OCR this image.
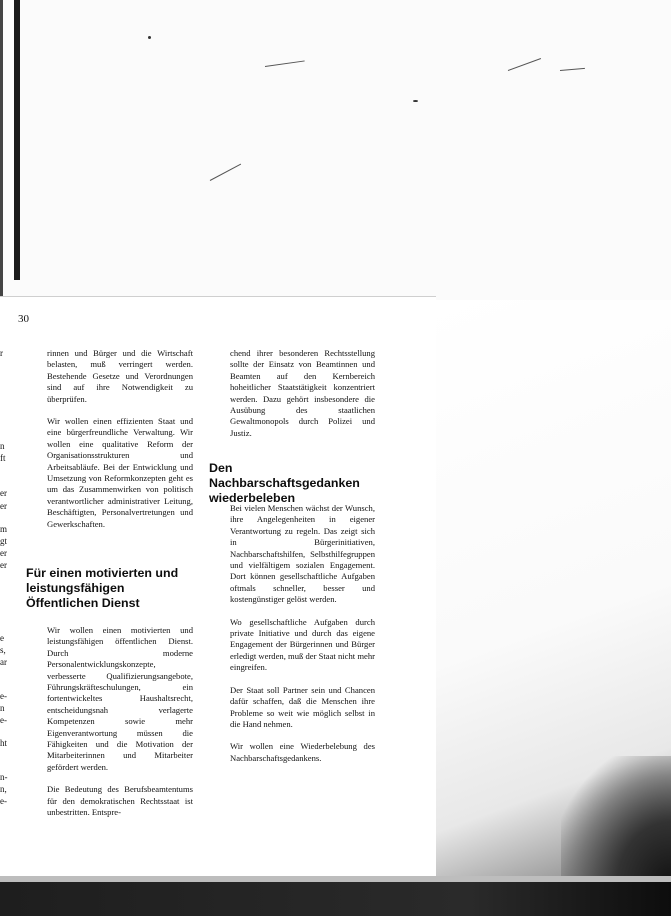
30
r
n
ft
er
er
m
gt
er
er
e
s,
ar
e-
n
e-
ht
n-
n,
e-

rinnen und Bürger und die Wirtschaft belasten, muß verringert werden. Bestehende Gesetze und Verordnungen sind auf ihre Notwendigkeit zu überprüfen.

Wir wollen einen effizienten Staat und eine bürgerfreundliche Verwaltung. Wir wollen eine qualitative Reform der Organisationsstrukturen und Arbeitsabläufe. Bei der Entwicklung und Umsetzung von Reformkonzepten geht es um das Zusammenwirken von politisch verantwortlicher administrativer Leitung, Beschäftigten, Personalvertretungen und Gewerkschaften.

Für einen motivierten und leistungsfähigen Öffentlichen Dienst

Wir wollen einen motivierten und leistungsfähigen öffentlichen Dienst. Durch moderne Personalentwicklungskonzepte, verbesserte Qualifizierungsangebote, Führungskräfteschulungen, ein fortentwickeltes Haushaltsrecht, entscheidungsnah verlagerte Kompetenzen sowie mehr Eigenverantwortung müssen die Fähigkeiten und die Motivation der Mitarbeiterinnen und Mitarbeiter gefördert werden.

Die Bedeutung des Berufsbeamtentums für den demokratischen Rechtsstaat ist unbestritten. Entspre-

chend ihrer besonderen Rechtsstellung sollte der Einsatz von Beamtinnen und Beamten auf den Kernbereich hoheitlicher Staatstätigkeit konzentriert werden. Dazu gehört insbesondere die Ausübung des staatlichen Gewaltmonopols durch Polizei und Justiz.

Den Nachbarschaftsgedanken wiederbeleben

Bei vielen Menschen wächst der Wunsch, ihre Angelegenheiten in eigener Verantwortung zu regeln. Das zeigt sich in Bürgerinitiativen, Nachbarschaftshilfen, Selbsthilfegruppen und vielfältigem sozialen Engagement. Dort können gesellschaftliche Aufgaben oftmals schneller, besser und kostengünstiger gelöst werden.

Wo gesellschaftliche Aufgaben durch private Initiative und durch das eigene Engagement der Bürgerinnen und Bürger erledigt werden, muß der Staat nicht mehr eingreifen.

Der Staat soll Partner sein und Chancen dafür schaffen, daß die Menschen ihre Probleme so weit wie möglich selbst in die Hand nehmen.

Wir wollen eine Wiederbelebung des Nachbarschaftsgedankens.
